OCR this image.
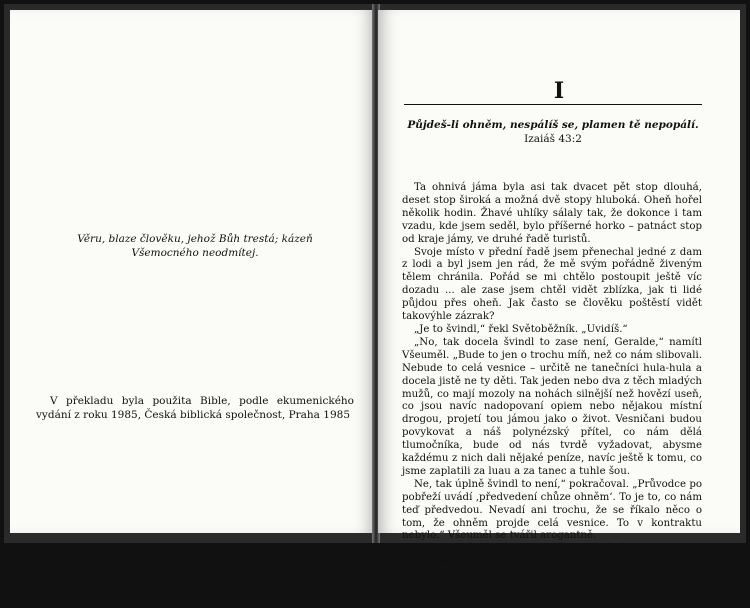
Věru, blaze člověku, jehož Bůh trestá; kázeň Všemocného neodmítej.
V překladu byla použita Bible, podle ekumenického vydání z roku 1985, Česká biblická společnost, Praha 1985
I
Půjdeš-li ohněm, nespálíš se, plamen tě nepopálí.
Izaiáš 43:2

Ta ohnivá jáma byla asi tak dvacet pět stop dlouhá, deset stop široká a možná dvě stopy hluboká. Oheň hořel několik hodin. Žhavé uhlíky sálaly tak, že dokonce i tam vzadu, kde jsem seděl, bylo příšerné horko – patnáct stop od kraje jámy, ve druhé řadě turistů.

Svoje místo v přední řadě jsem přenechal jedné z dam z lodi a byl jsem jen rád, že mě svým pořádně živeným tělem chránila. Pořád se mi chtělo postoupit ještě víc dozadu ... ale zase jsem chtěl vidět zblízka, jak ti lidé půjdou přes oheň. Jak často se člověku poštěstí vidět takovýhle zázrak?

„Je to švindl,“ řekl Světoběžník. „Uvidíš.“

„No, tak docela švindl to zase není, Geralde,“ namítl Všeuměl. „Bude to jen o trochu míň, než co nám slibovali. Nebude to celá vesnice – určitě ne tanečníci hula-hula a docela jistě ne ty děti. Tak jeden nebo dva z těch mladých mužů, co mají mozoly na nohách silnější než hovězí useň, co jsou navíc nadopovaní opiem nebo nějakou místní drogou, projetí tou jámou jako o život. Vesničani budou povykovat a náš polynézský přítel, co nám dělá tlumočníka, bude od nás tvrdě vyžadovat, abysme každému z nich dali nějaké peníze, navíc ještě k tomu, co jsme zaplatili za luau a za tanec a tuhle šou.

Ne, tak úplně švindl to není,“ pokračoval. „Průvodce po pobřeží uvádí ‚předvedení chůze ohněm‘. To je to, co nám teď předvedou. Nevadí ani trochu, že se říkalo něco o tom, že ohněm projde celá vesnice. To v kontraktu nebylo.“ Všeuměl se tvářil arogantně.

„Skupinová hypnóza,“ prohlásil Znuděný.

Měl jsem nutkání poprosit ho, aby mi vysvětlil pojem „skupinová hypnóza“ – ale nikdo mě nechtěl poslouchat; byl jsem junior – to se netýkalo věku, ale řídilo se to délkou pobytu na motorové cestovní lodi
